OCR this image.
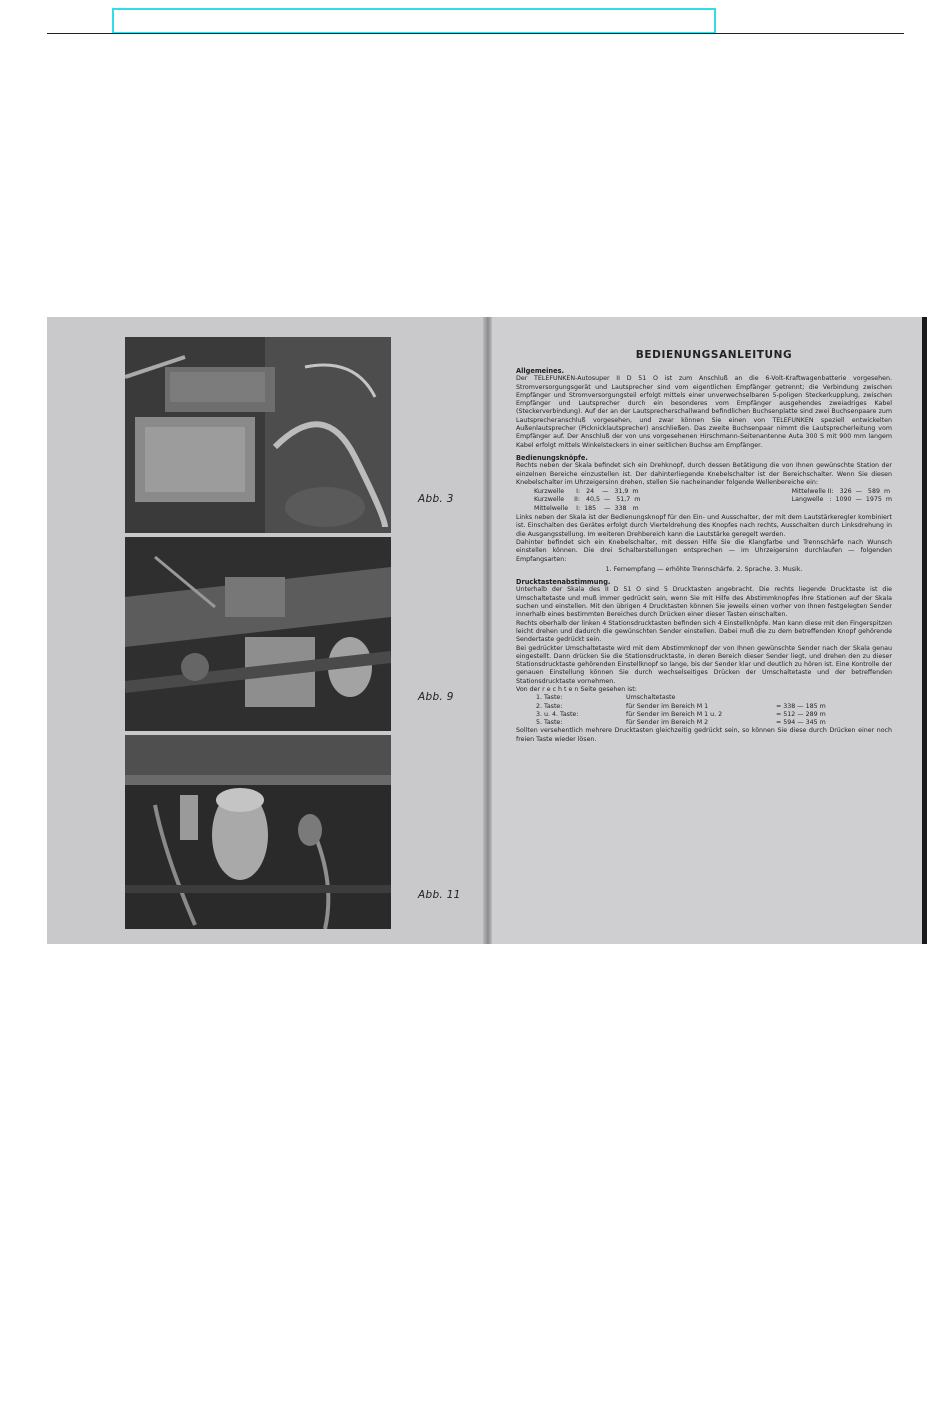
Abb. 3
Abb. 9
Abb. 11
BEDIENUNGSANLEITUNG
Allgemeines.

Der TELEFUNKEN-Autosuper II D 51 O ist zum Anschluß an die 6-Volt-Kraftwagenbatterie vorgesehen. Stromversorgungsgerät und Lautsprecher sind vom eigentlichen Empfänger getrennt; die Verbindung zwischen Empfänger und Stromversorgungsteil erfolgt mittels einer unverwechselbaren 5-poligen Steckerkupplung, zwischen Empfänger und Lautsprecher durch ein besonderes vom Empfänger ausgehendes zweiadriges Kabel (Steckerverbindung). Auf der an der Lautsprecherschallwand befindlichen Buchsenplatte sind zwei Buchsenpaare zum Lautsprecheranschluß vorgesehen, und zwar können Sie einen von TELEFUNKEN speziell entwickelten Außenlautsprecher (Picknicklautsprecher) anschließen. Das zweite Buchsenpaar nimmt die Lautsprecherleitung vom Empfänger auf. Der Anschluß der von uns vorgesehenen Hirschmann-Seitenantenne Auta 300 S mit 900 mm langem Kabel erfolgt mittels Winkelsteckers in einer seitlichen Buchse am Empfänger.

Bedienungsknöpfe.

Rechts neben der Skala befindet sich ein Drehknopf, durch dessen Betätigung die von Ihnen gewünschte Station der einzelnen Bereiche einzustellen ist. Der dahinterliegende Knebelschalter ist der Bereichschalter. Wenn Sie diesen Knebelschalter im Uhrzeigersinn drehen, stellen Sie nacheinander folgende Wellenbereiche ein:

Kurzwelle      I:   24    —   31,9  m
Kurzwelle     II:   40,5  —   51,7  m
Mittelwelle    I:  185    —  338   m
Mittelwelle II:   326  —   589  m
Langwelle   :  1090  —  1975  m

Links neben der Skala ist der Bedienungsknopf für den Ein- und Ausschalter, der mit dem Lautstärkeregler kombiniert ist. Einschalten des Gerätes erfolgt durch Vierteldrehung des Knopfes nach rechts, Ausschalten durch Linksdrehung in die Ausgangsstellung. Im weiteren Drehbereich kann die Lautstärke geregelt werden.

Dahinter befindet sich ein Knebelschalter, mit dessen Hilfe Sie die Klangfarbe und Trennschärfe nach Wunsch einstellen können. Die drei Schalterstellungen entsprechen — im Uhrzeigersinn durchlaufen — folgenden Empfangsarten:

1. Fernempfang — erhöhte Trennschärfe. 2. Sprache. 3. Musik.
Drucktastenabstimmung.

Unterhalb der Skala des II D 51 O sind 5 Drucktasten angebracht. Die rechts liegende Drucktaste ist die Umschaltetaste und muß immer gedrückt sein, wenn Sie mit Hilfe des Abstimmknopfes Ihre Stationen auf der Skala suchen und einstellen. Mit den übrigen 4 Drucktasten können Sie jeweils einen vorher von Ihnen festgelegten Sender innerhalb eines bestimmten Bereiches durch Drücken einer dieser Tasten einschalten.

Rechts oberhalb der linken 4 Stationsdrucktasten befinden sich 4 Einstellknöpfe. Man kann diese mit den Fingerspitzen leicht drehen und dadurch die gewünschten Sender einstellen. Dabei muß die zu dem betreffenden Knopf gehörende Sendertaste gedrückt sein.

Bei gedrückter Umschaltetaste wird mit dem Abstimmknopf der von Ihnen gewünschte Sender nach der Skala genau eingestellt. Dann drücken Sie die Stationsdrucktaste, in deren Bereich dieser Sender liegt, und drehen den zu dieser Stationsdrucktaste gehörenden Einstellknopf so lange, bis der Sender klar und deutlich zu hören ist. Eine Kontrolle der genauen Einstellung können Sie durch wechselseitiges Drücken der Umschaltetaste und der betreffenden Stationsdrucktaste vornehmen.

Von der r e c h t e n Seite gesehen ist:

1. Taste:	Umschaltetaste
2. Taste:	für Sender im Bereich M 1	= 338 — 185 m
3. u. 4. Taste:	für Sender im Bereich M 1 u. 2	= 512 — 289 m
5. Taste:	für Sender im Bereich M 2	= 594 — 345 m

Sollten versehentlich mehrere Drucktasten gleichzeitig gedrückt sein, so können Sie diese durch Drücken einer noch freien Taste wieder lösen.
